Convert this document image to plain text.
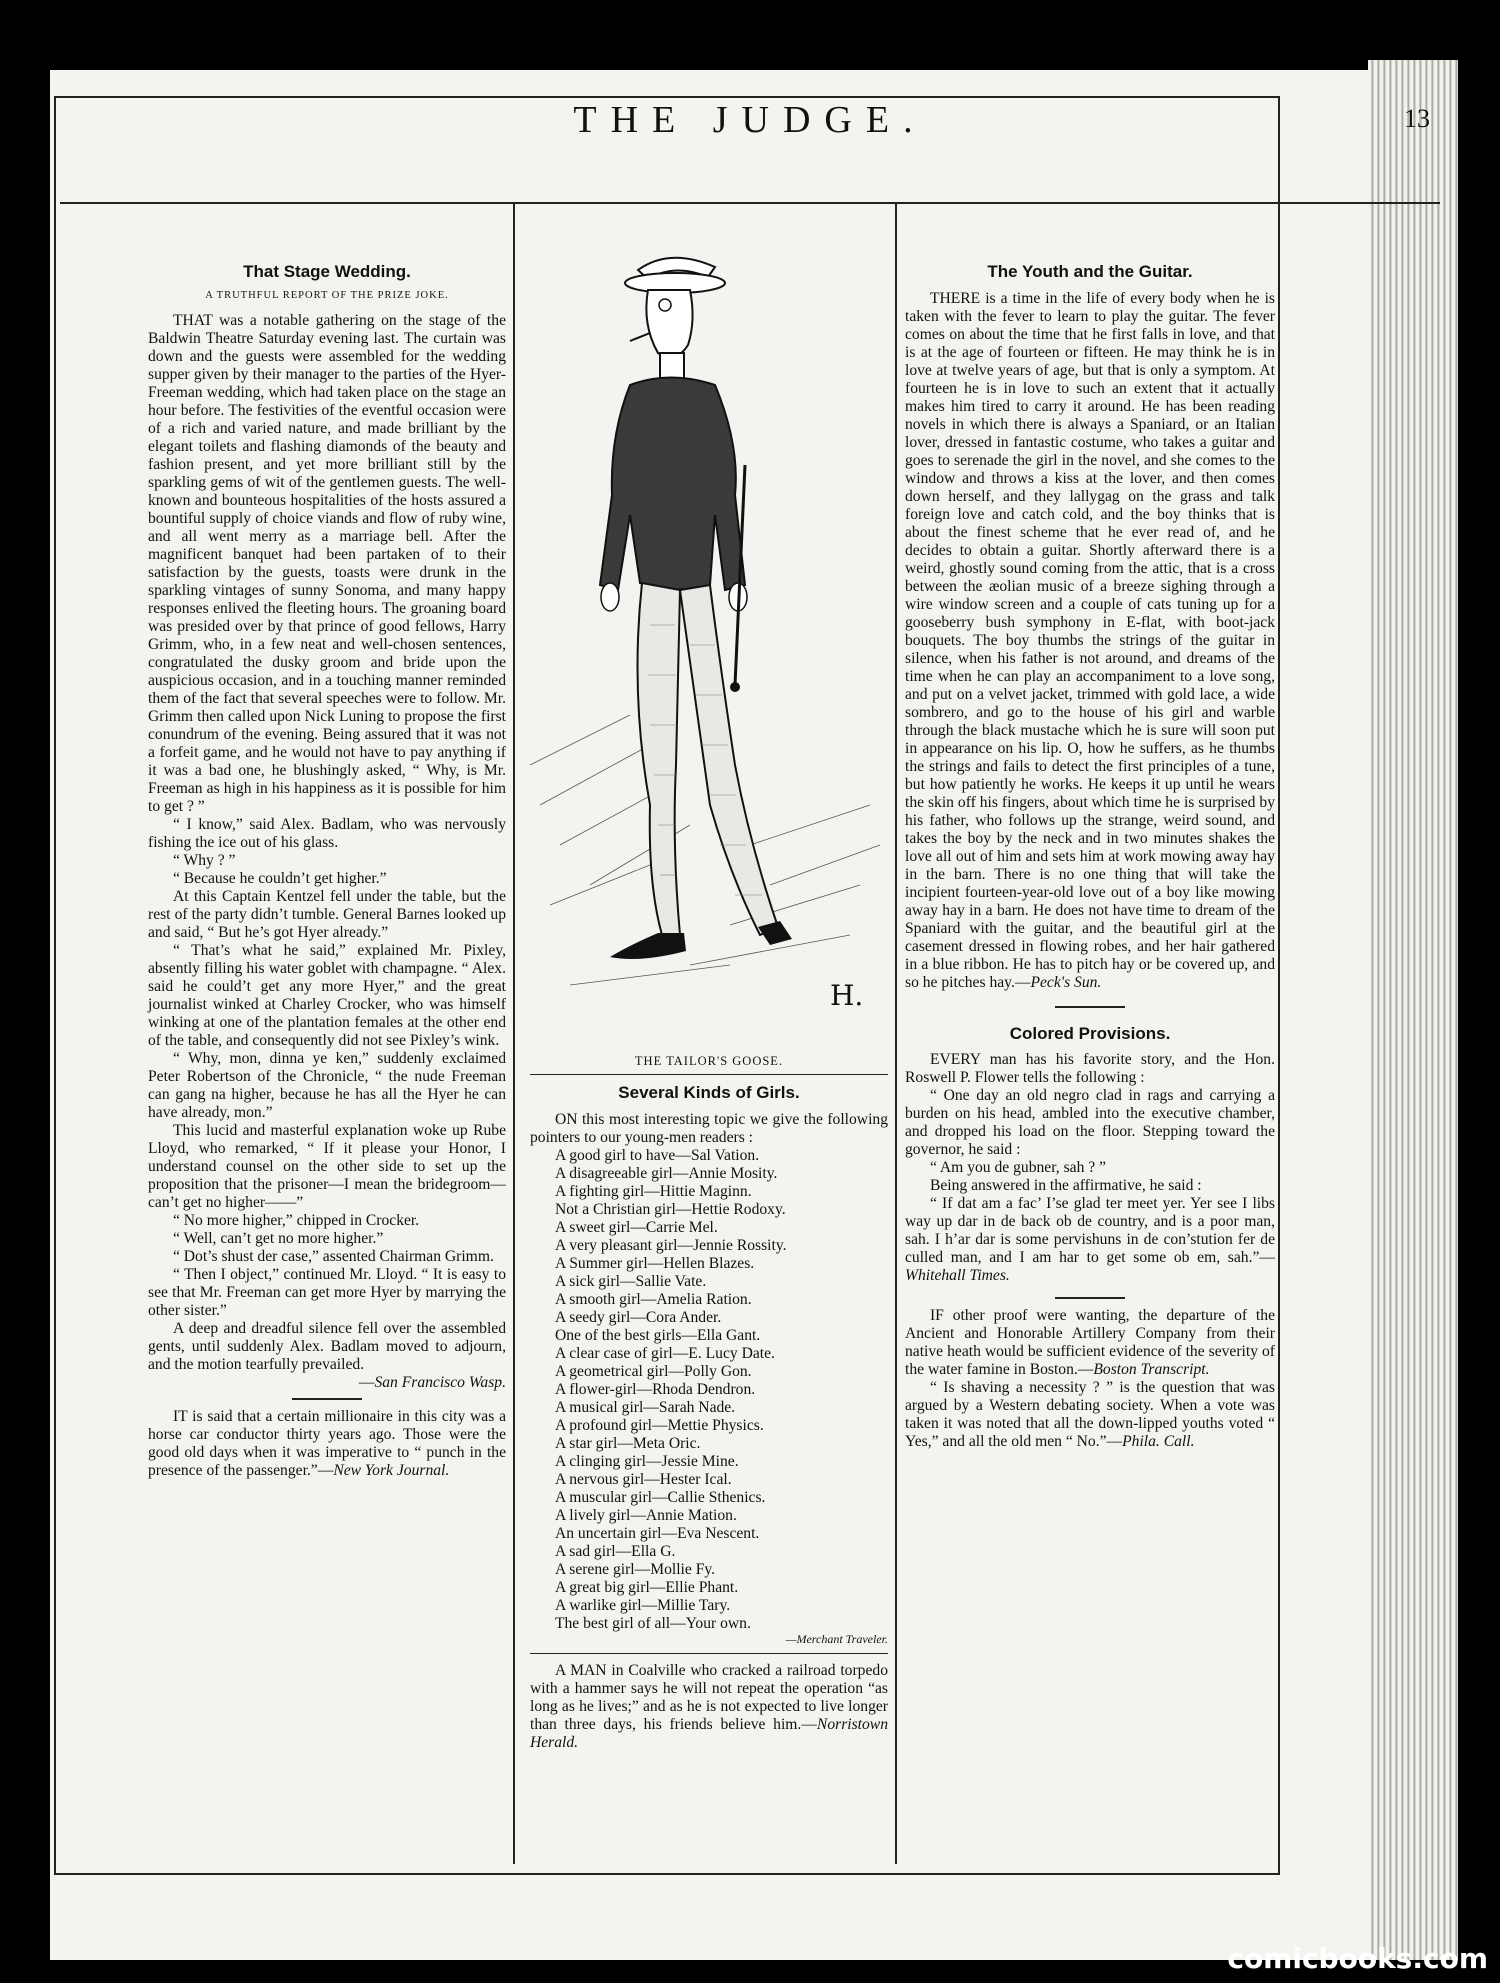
THE JUDGE.	13
That Stage Wedding.
A TRUTHFUL REPORT OF THE PRIZE JOKE.

THAT was a notable gathering on the stage of the Baldwin Theatre Saturday evening last. The curtain was down and the guests were assembled for the wedding supper given by their manager to the parties of the Hyer-Freeman wedding, which had taken place on the stage an hour before. The festivities of the eventful occasion were of a rich and varied nature, and made brilliant by the elegant toilets and flashing diamonds of the beauty and fashion present, and yet more brilliant still by the sparkling gems of wit of the gentlemen guests. The well-known and bounteous hospitalities of the hosts assured a bountiful supply of choice viands and flow of ruby wine, and all went merry as a marriage bell. After the magnificent banquet had been partaken of to their satisfaction by the guests, toasts were drunk in the sparkling vintages of sunny Sonoma, and many happy responses enlived the fleeting hours. The groaning board was presided over by that prince of good fellows, Harry Grimm, who, in a few neat and well-chosen sentences, congratulated the dusky groom and bride upon the auspicious occasion, and in a touching manner reminded them of the fact that several speeches were to follow. Mr. Grimm then called upon Nick Luning to propose the first conundrum of the evening. Being assured that it was not a forfeit game, and he would not have to pay anything if it was a bad one, he blushingly asked, “ Why, is Mr. Freeman as high in his happiness as it is possible for him to get ? ”

“ I know,” said Alex. Badlam, who was nervously fishing the ice out of his glass.

“ Why ? ”

“ Because he couldn’t get higher.”

At this Captain Kentzel fell under the table, but the rest of the party didn’t tumble. General Barnes looked up and said, “ But he’s got Hyer already.”

“ That’s what he said,” explained Mr. Pixley, absently filling his water goblet with champagne. “ Alex. said he could’t get any more Hyer,” and the great journalist winked at Charley Crocker, who was himself winking at one of the plantation females at the other end of the table, and consequently did not see Pixley’s wink.

“ Why, mon, dinna ye ken,” suddenly exclaimed Peter Robertson of the Chronicle, “ the nude Freeman can gang na higher, because he has all the Hyer he can have already, mon.”

This lucid and masterful explanation woke up Rube Lloyd, who remarked, “ If it please your Honor, I understand counsel on the other side to set up the proposition that the prisoner—I mean the bridegroom—can’t get no higher——”

“ No more higher,” chipped in Crocker.

“ Well, can’t get no more higher.”

“ Dot’s shust der case,” assented Chairman Grimm.

“ Then I object,” continued Mr. Lloyd. “ It is easy to see that Mr. Freeman can get more Hyer by marrying the other sister.”

A deep and dreadful silence fell over the assembled gents, until suddenly Alex. Badlam moved to adjourn, and the motion tearfully prevailed.

—San Francisco Wasp.

IT is said that a certain millionaire in this city was a horse car conductor thirty years ago. Those were the good old days when it was imperative to “ punch in the presence of the passenger.”—New York Journal.

H.
THE TAILOR'S GOOSE.
Several Kinds of Girls.

ON this most interesting topic we give the following pointers to our young-men readers :

A good girl to have—Sal Vation.
A disagreeable girl—Annie Mosity.
A fighting girl—Hittie Maginn.
Not a Christian girl—Hettie Rodoxy.
A sweet girl—Carrie Mel.
A very pleasant girl—Jennie Rossity.
A Summer girl—Hellen Blazes.
A sick girl—Sallie Vate.
A smooth girl—Amelia Ration.
A seedy girl—Cora Ander.
One of the best girls—Ella Gant.
A clear case of girl—E. Lucy Date.
A geometrical girl—Polly Gon.
A flower-girl—Rhoda Dendron.
A musical girl—Sarah Nade.
A profound girl—Mettie Physics.
A star girl—Meta Oric.
A clinging girl—Jessie Mine.
A nervous girl—Hester Ical.
A muscular girl—Callie Sthenics.
A lively girl—Annie Mation.
An uncertain girl—Eva Nescent.
A sad girl—Ella G.
A serene girl—Mollie Fy.
A great big girl—Ellie Phant.
A warlike girl—Millie Tary.
The best girl of all—Your own.
—Merchant Traveler.

A MAN in Coalville who cracked a railroad torpedo with a hammer says he will not repeat the operation “as long as he lives;” and as he is not expected to live longer than three days, his friends believe him.—Norristown Herald.

The Youth and the Guitar.

THERE is a time in the life of every body when he is taken with the fever to learn to play the guitar. The fever comes on about the time that he first falls in love, and that is at the age of fourteen or fifteen. He may think he is in love at twelve years of age, but that is only a symptom. At fourteen he is in love to such an extent that it actually makes him tired to carry it around. He has been reading novels in which there is always a Spaniard, or an Italian lover, dressed in fantastic costume, who takes a guitar and goes to serenade the girl in the novel, and she comes to the window and throws a kiss at the lover, and then comes down herself, and they lallygag on the grass and talk foreign love and catch cold, and the boy thinks that is about the finest scheme that he ever read of, and he decides to obtain a guitar. Shortly afterward there is a weird, ghostly sound coming from the attic, that is a cross between the æolian music of a breeze sighing through a wire window screen and a couple of cats tuning up for a gooseberry bush symphony in E-flat, with boot-jack bouquets. The boy thumbs the strings of the guitar in silence, when his father is not around, and dreams of the time when he can play an accompaniment to a love song, and put on a velvet jacket, trimmed with gold lace, a wide sombrero, and go to the house of his girl and warble through the black mustache which he is sure will soon put in appearance on his lip. O, how he suffers, as he thumbs the strings and fails to detect the first principles of a tune, but how patiently he works. He keeps it up until he wears the skin off his fingers, about which time he is surprised by his father, who follows up the strange, weird sound, and takes the boy by the neck and in two minutes shakes the love all out of him and sets him at work mowing away hay in the barn. There is no one thing that will take the incipient fourteen-year-old love out of a boy like mowing away hay in a barn. He does not have time to dream of the Spaniard with the guitar, and the beautiful girl at the casement dressed in flowing robes, and her hair gathered in a blue ribbon. He has to pitch hay or be covered up, and so he pitches hay.—Peck's Sun.

Colored Provisions.

EVERY man has his favorite story, and the Hon. Roswell P. Flower tells the following :

“ One day an old negro clad in rags and carrying a burden on his head, ambled into the executive chamber, and dropped his load on the floor. Stepping toward the governor, he said :

“ Am you de gubner, sah ? ”

Being answered in the affirmative, he said :

“ If dat am a fac’ I’se glad ter meet yer. Yer see I libs way up dar in de back ob de country, and is a poor man, sah. I h’ar dar is some pervishuns in de con’stution fer de culled man, and I am har to get some ob em, sah.”—Whitehall Times.

IF other proof were wanting, the departure of the Ancient and Honorable Artillery Company from their native heath would be sufficient evidence of the severity of the water famine in Boston.—Boston Transcript.

“ Is shaving a necessity ? ” is the question that was argued by a Western debating society. When a vote was taken it was noted that all the down-lipped youths voted “ Yes,” and all the old men “ No.”—Phila. Call.

comicbooks.com
